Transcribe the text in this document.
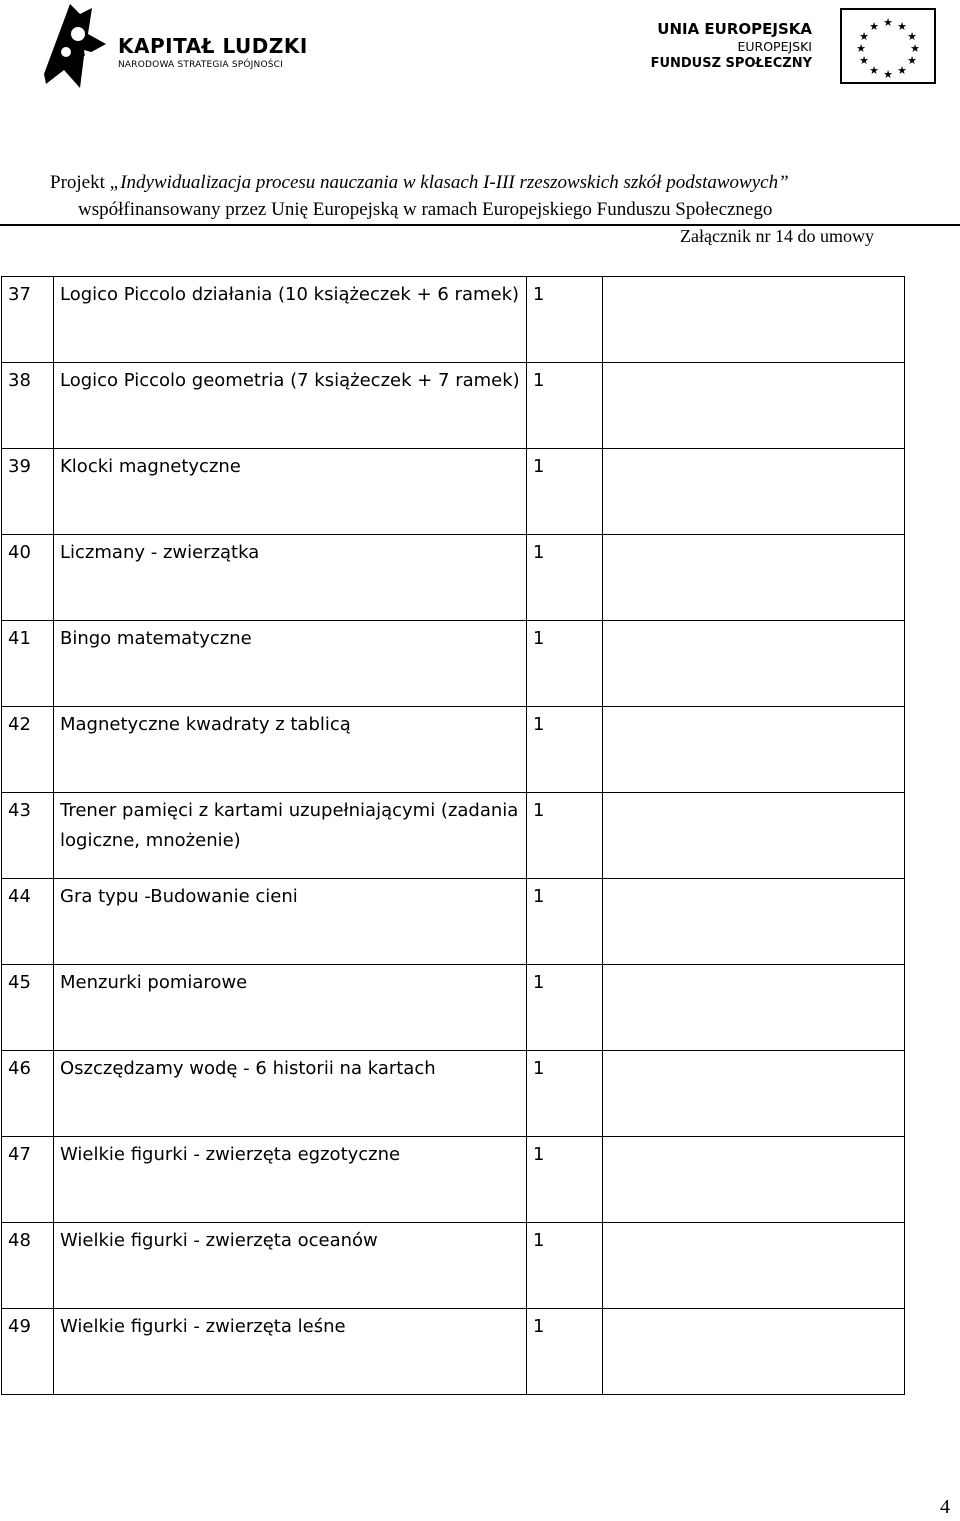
KAPITAŁ LUDZKI
NARODOWA STRATEGIA SPÓJNOŚCI
UNIA EUROPEJSKA
EUROPEJSKI
FUNDUSZ SPOŁECZNY
★ ★
★
★
★
★
★
★
★
★
★
★
Projekt „Indywidualizacja procesu nauczania w klasach I-III rzeszowskich szkół podstawowych”
współfinansowany przez Unię Europejską w ramach Europejskiego Funduszu Społecznego
Załącznik nr 14 do umowy
37	Logico Piccolo działania (10 książeczek + 6 ramek)	1	
38	Logico Piccolo geometria (7 książeczek + 7 ramek)	1	
39	Klocki magnetyczne	1	
40	Liczmany - zwierzątka	1	
41	Bingo matematyczne	1	
42	Magnetyczne kwadraty z tablicą	1	
43	Trener pamięci z kartami uzupełniającymi (zadania logiczne, mnożenie)	1	
44	Gra typu -Budowanie cieni	1	
45	Menzurki pomiarowe	1	
46	Oszczędzamy wodę - 6 historii na kartach	1	
47	Wielkie figurki - zwierzęta egzotyczne	1	
48	Wielkie figurki - zwierzęta oceanów	1	
49	Wielkie figurki - zwierzęta leśne	1	
4
